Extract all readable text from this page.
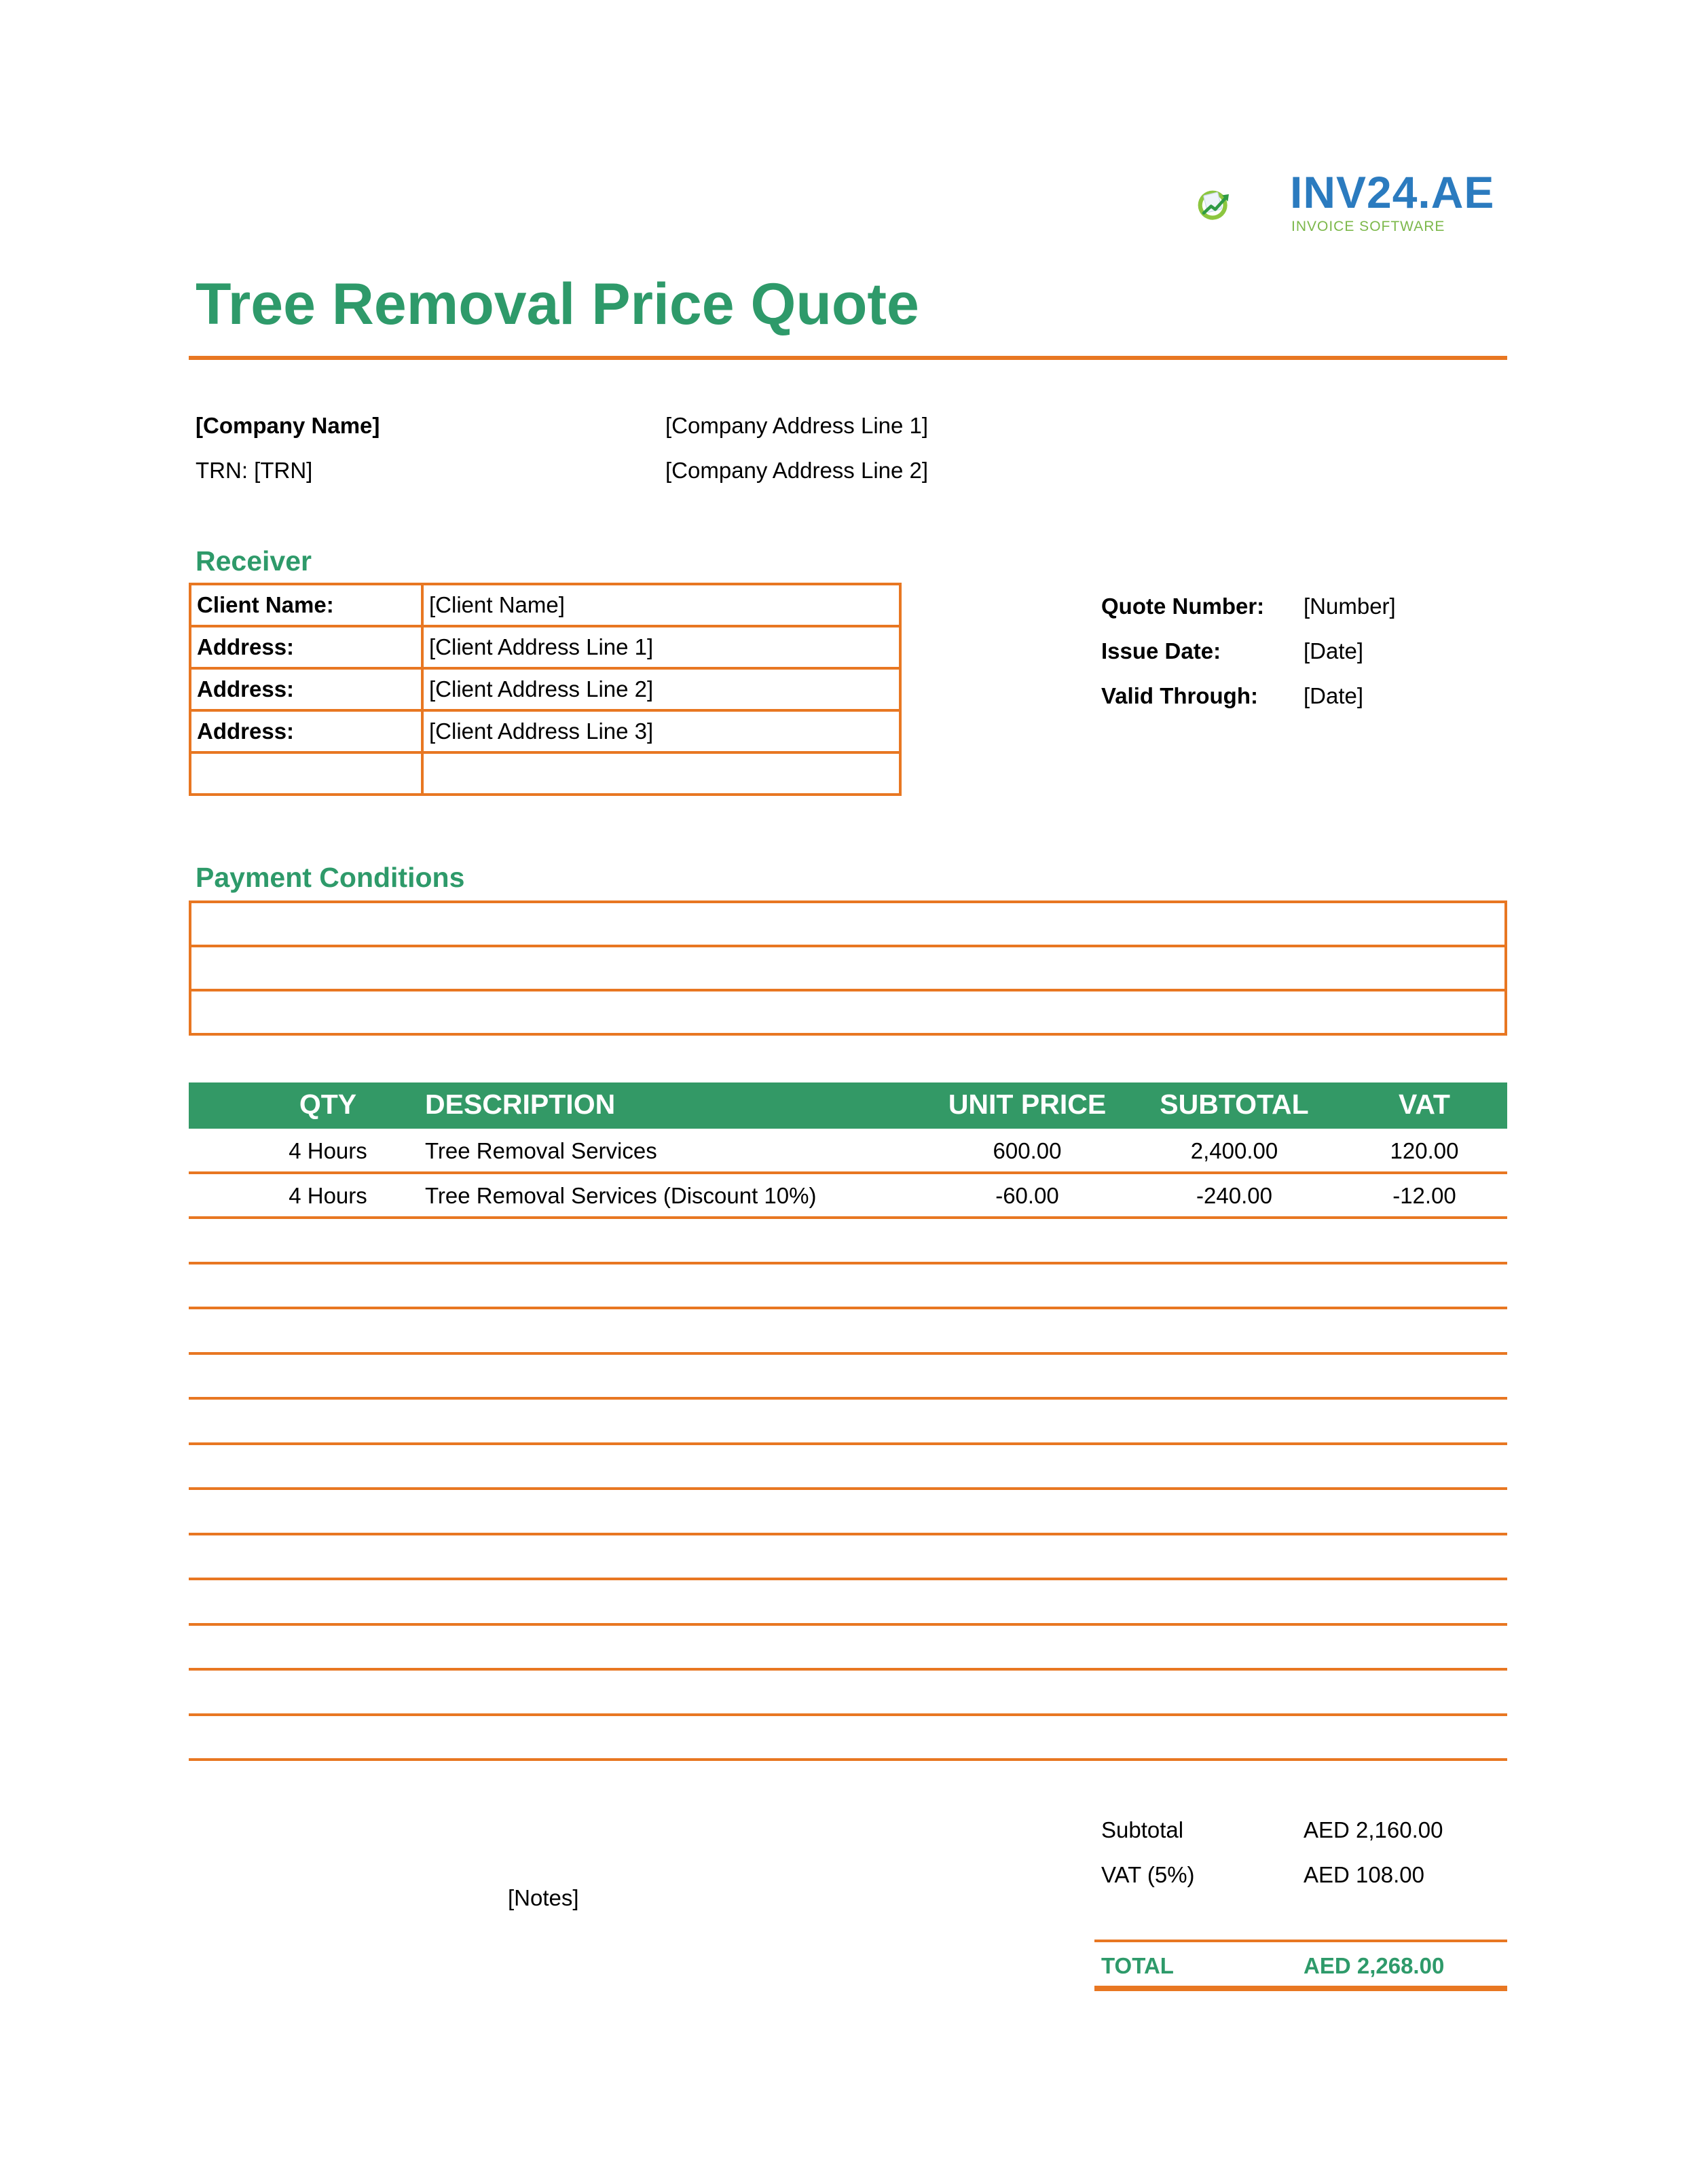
INV24.AE
INVOICE SOFTWARE
Tree Removal Price Quote
[Company Name]
TRN: [TRN]
[Company Address Line 1]
[Company Address Line 2]
Receiver
Client Name:	[Client Name]
Address:	[Client Address Line 1]
Address:	[Client Address Line 2]
Address:	[Client Address Line 3]

Quote Number: [Number]
Issue Date:	[Date]
Valid Through: [Date]
Payment Conditions

QTY	DESCRIPTION	UNIT PRICE	SUBTOTAL	VAT
4 Hours	Tree Removal Services	600.00	2,400.00	120.00
4 Hours	Tree Removal Services (Discount 10%)	-60.00	-240.00	-12.00
[Notes]
Subtotal	AED 2,160.00
VAT (5%)	AED 108.00
TOTAL	AED 2,268.00
